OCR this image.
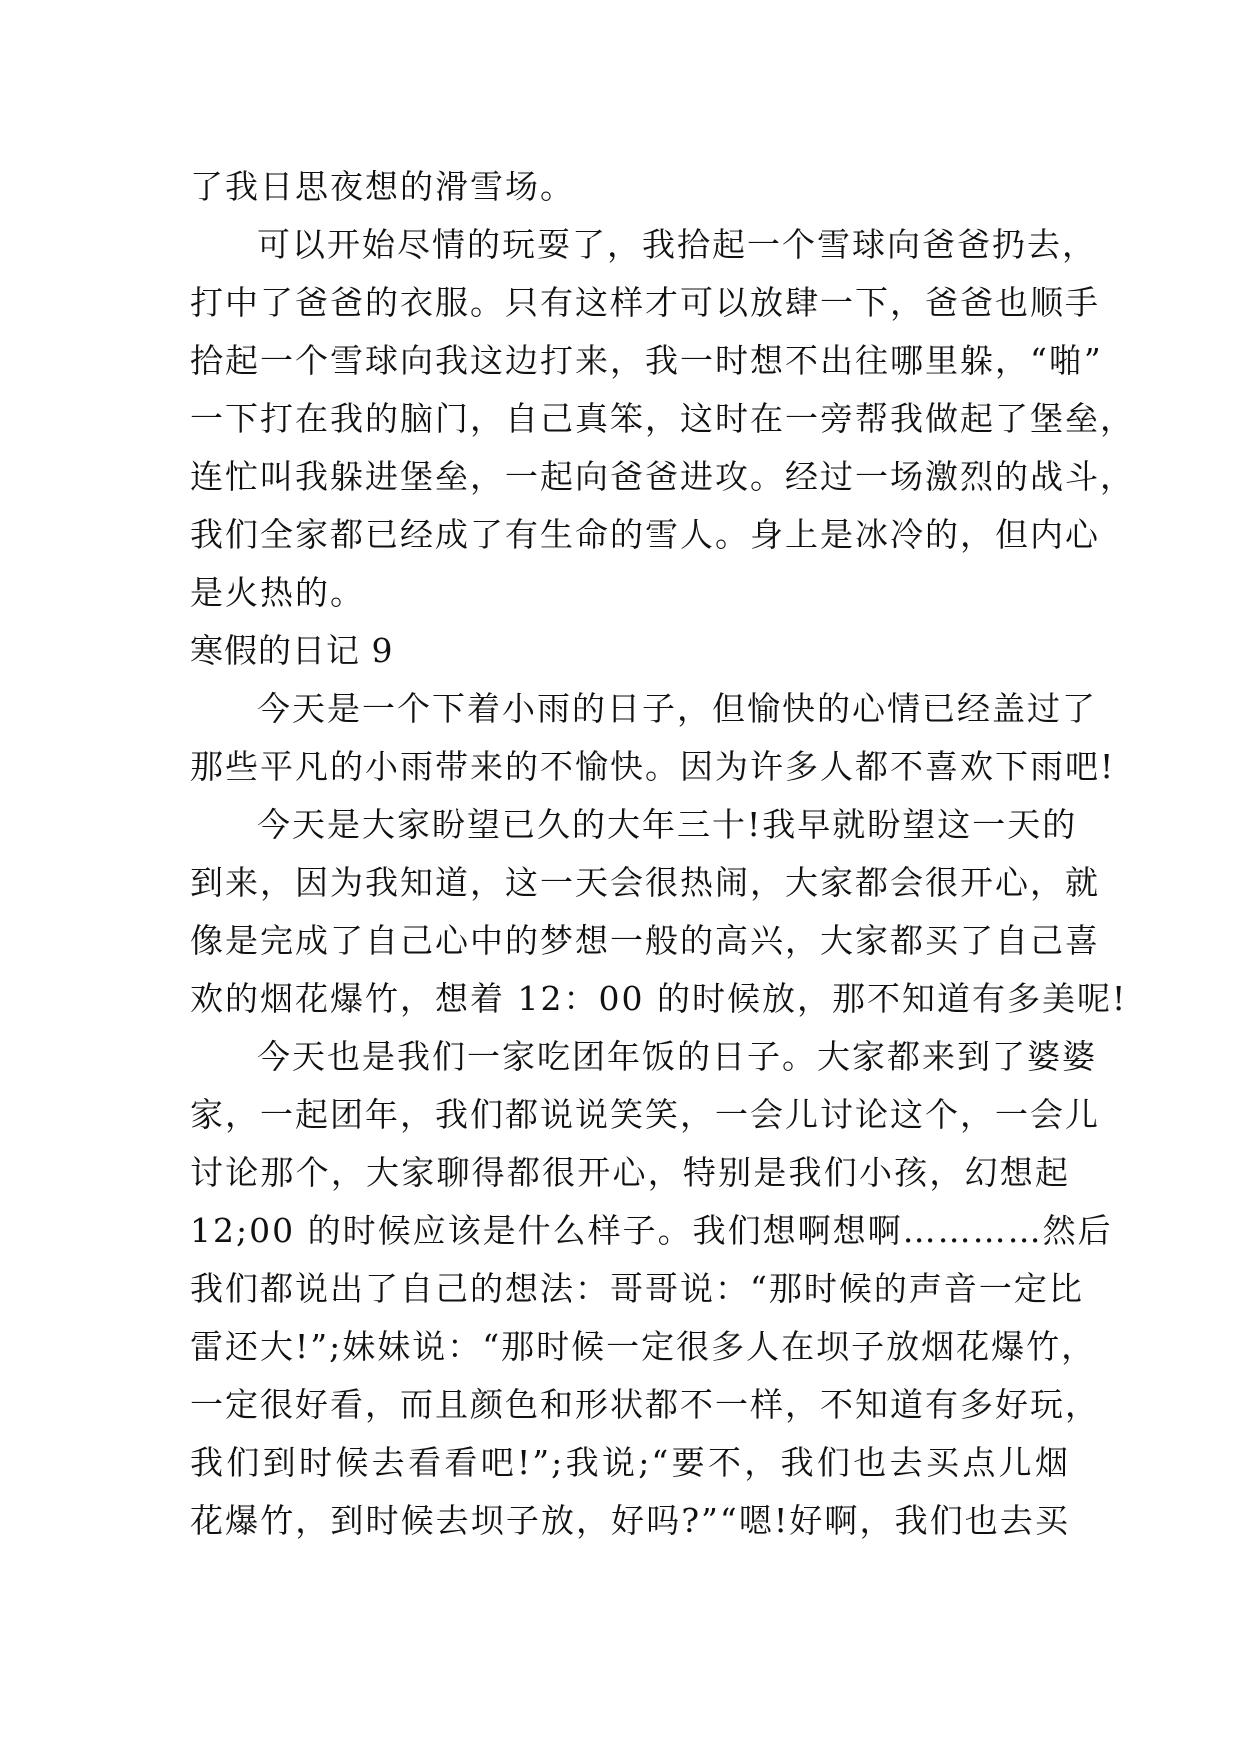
了我日思夜想的滑雪场。
可以开始尽情的玩耍了，我拾起一个雪球向爸爸扔去，
打中了爸爸的衣服。只有这样才可以放肆一下，爸爸也顺手
拾起一个雪球向我这边打来，我一时想不出往哪里躲，“啪”
一下打在我的脑门，自己真笨，这时在一旁帮我做起了堡垒，
连忙叫我躲进堡垒，一起向爸爸进攻。经过一场激烈的战斗，
我们全家都已经成了有生命的雪人。身上是冰冷的，但内心
是火热的。
寒假的日记 9
今天是一个下着小雨的日子，但愉快的心情已经盖过了
那些平凡的小雨带来的不愉快。因为许多人都不喜欢下雨吧!
今天是大家盼望已久的大年三十!我早就盼望这一天的
到来，因为我知道，这一天会很热闹，大家都会很开心，就
像是完成了自己心中的梦想一般的高兴，大家都买了自己喜
欢的烟花爆竹，想着 12：00 的时候放，那不知道有多美呢!
今天也是我们一家吃团年饭的日子。大家都来到了婆婆
家，一起团年，我们都说说笑笑，一会儿讨论这个，一会儿
讨论那个，大家聊得都很开心，特别是我们小孩，幻想起
12;00 的时候应该是什么样子。我们想啊想啊…………然后
我们都说出了自己的想法：哥哥说：“那时候的声音一定比
雷还大!”;妹妹说：“那时候一定很多人在坝子放烟花爆竹，
一定很好看，而且颜色和形状都不一样，不知道有多好玩，
我们到时候去看看吧!”;我说;“要不，我们也去买点儿烟
花爆竹，到时候去坝子放，好吗?”“嗯!好啊，我们也去买
